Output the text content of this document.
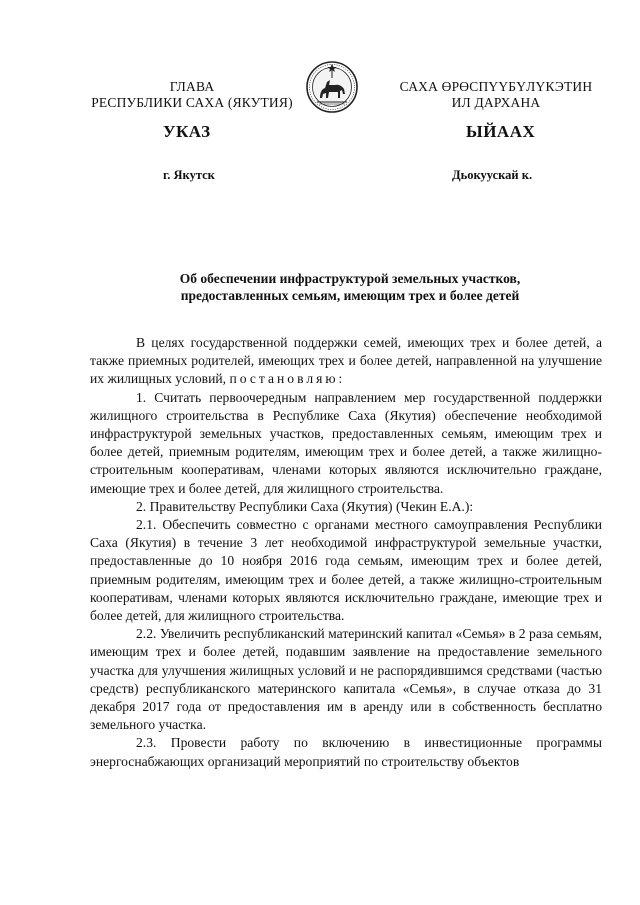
ГЛАВА
РЕСПУБЛИКИ САХА (ЯКУТИЯ)
САХА ӨРӨСПҮҮБҮЛҮКЭТИН
ИЛ ДАРХАНА
УКАЗ	ЫЙААХ
г. Якутск	Дьокуускай к.
Об обеспечении инфраструктурой земельных участков,
предоставленных семьям, имеющим трех и более детей

В целях государственной поддержки семей, имеющих трех и более детей, а также приемных родителей, имеющих трех и более детей, направленной на улучшение их жилищных условий, постановляю:

1. Считать первоочередным направлением мер государственной поддержки жилищного строительства в Республике Саха (Якутия) обеспечение необходимой инфраструктурой земельных участков, предоставленных семьям, имеющим трех и более детей, приемным родителям, имеющим трех и более детей, а также жилищно-строительным кооперативам, членами которых являются исключительно граждане, имеющие трех и более детей, для жилищного строительства.

2. Правительству Республики Саха (Якутия) (Чекин Е.А.):

2.1. Обеспечить совместно с органами местного самоуправления Республики Саха (Якутия) в течение 3 лет необходимой инфраструктурой земельные участки, предоставленные до 10 ноября 2016 года семьям, имеющим трех и более детей, приемным родителям, имеющим трех и более детей, а также жилищно-строительным кооперативам, членами которых являются исключительно граждане, имеющие трех и более детей, для жилищного строительства.

2.2. Увеличить республиканский материнский капитал «Семья» в 2 раза семьям, имеющим трех и более детей, подавшим заявление на предоставление земельного участка для улучшения жилищных условий и не распорядившимся средствами (частью средств) республиканского материнского капитала «Семья», в случае отказа до 31 декабря 2017 года от предоставления им в аренду или в собственность бесплатно земельного участка.

2.3. Провести работу по включению в инвестиционные программы энергоснабжающих организаций мероприятий по строительству объектов
